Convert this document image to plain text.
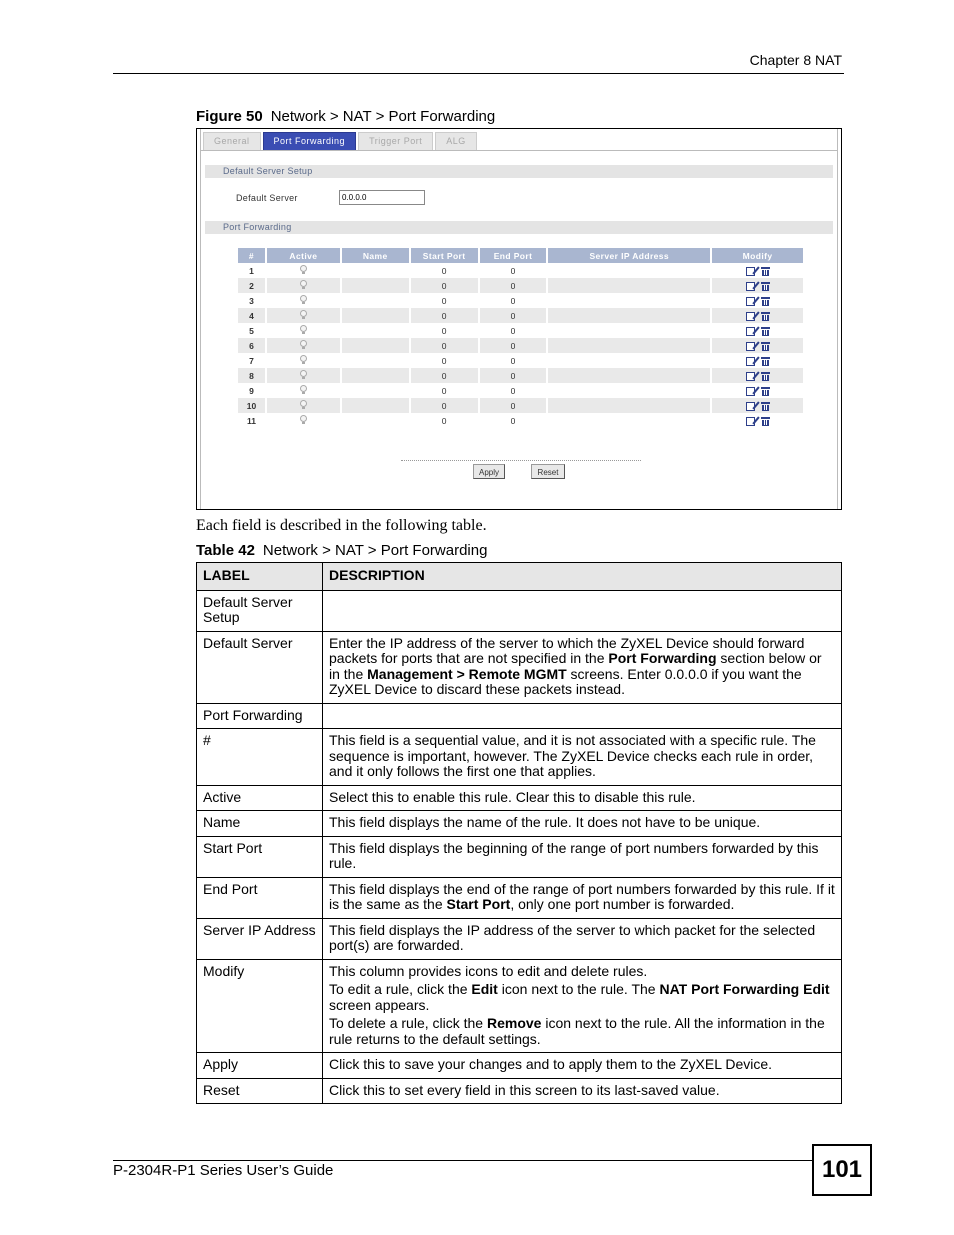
Chapter 8 NAT
Figure 50 Network > NAT > Port Forwarding
General	Port Forwarding	Trigger Port	ALG
Default Server Setup
Default Server
0.0.0.0
Port Forwarding
#	Active	Name	Start Port	End Port	Server IP Address	Modify
1			0	0		
2			0	0		
3			0	0		
4			0	0		
5			0	0		
6			0	0		
7			0	0		
8			0	0		
9			0	0		
10			0	0		
11			0	0		
Apply	Reset
Each field is described in the following table.
Table 42 Network > NAT > Port Forwarding
LABEL	DESCRIPTION
Default Server Setup	
Default Server	Enter the IP address of the server to which the ZyXEL Device should forward packets for ports that are not specified in the Port Forwarding section below or in the Management > Remote MGMT screens. Enter 0.0.0.0 if you want the ZyXEL Device to discard these packets instead.
Port Forwarding	
#	This field is a sequential value, and it is not associated with a specific rule. The sequence is important, however. The ZyXEL Device checks each rule in order, and it only follows the first one that applies.
Active	Select this to enable this rule. Clear this to disable this rule.
Name	This field displays the name of the rule. It does not have to be unique.
Start Port	This field displays the beginning of the range of port numbers forwarded by this rule.
End Port	This field displays the end of the range of port numbers forwarded by this rule. If it is the same as the Start Port, only one port number is forwarded.
Server IP Address	This field displays the IP address of the server to which packet for the selected port(s) are forwarded.
Modify	This column provides icons to edit and delete rules.

To edit a rule, click the Edit icon next to the rule. The NAT Port Forwarding Edit screen appears.

To delete a rule, click the Remove icon next to the rule. All the information in the rule returns to the default settings.

Apply	Click this to save your changes and to apply them to the ZyXEL Device.
Reset	Click this to set every field in this screen to its last-saved value.
P-2304R-P1 Series User’s Guide	101
